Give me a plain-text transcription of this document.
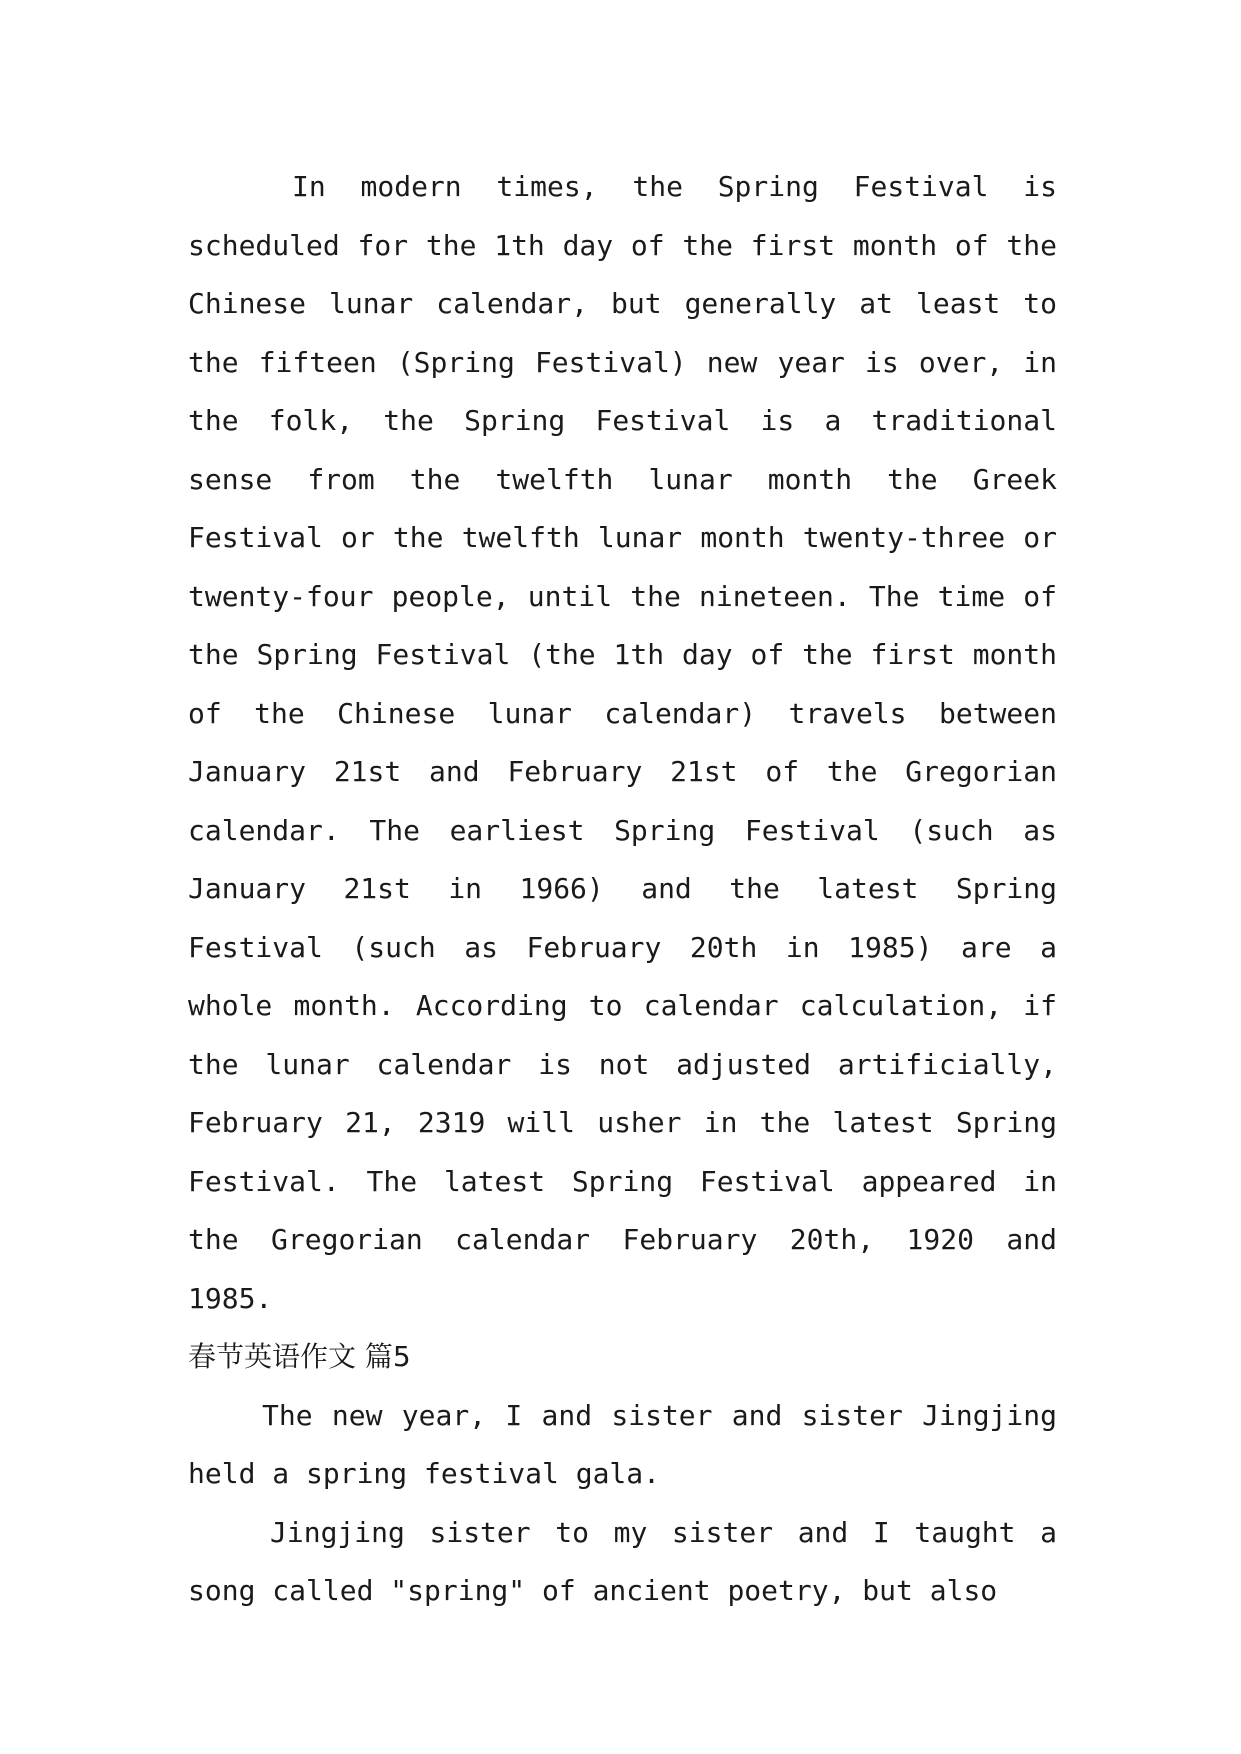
In modern times, the Spring Festival is scheduled for the 1th day of the first month of the Chinese lunar calendar, but generally at least to the fifteen (Spring Festival) new year is over, in the folk, the Spring Festival is a traditional sense from the twelfth lunar month the Greek Festival or the twelfth lunar month twenty-three or twenty-four people, until the nineteen. The time of the Spring Festival (the 1th day of the first month of the Chinese lunar calendar) travels between January 21st and February 21st of the Gregorian calendar. The earliest Spring Festival (such as January 21st in 1966) and the latest Spring Festival (such as February 20th in 1985) are a whole month. According to calendar calculation, if the lunar calendar is not adjusted artificially, February 21, 2319 will usher in the latest Spring Festival. The latest Spring Festival appeared in the Gregorian calendar February 20th, 1920 and 1985.

春节英语作文 篇5

The new year, I and sister and sister Jingjing held a spring festival gala.

Jingjing sister to my sister and I taught a song called "spring" of ancient poetry, but also
